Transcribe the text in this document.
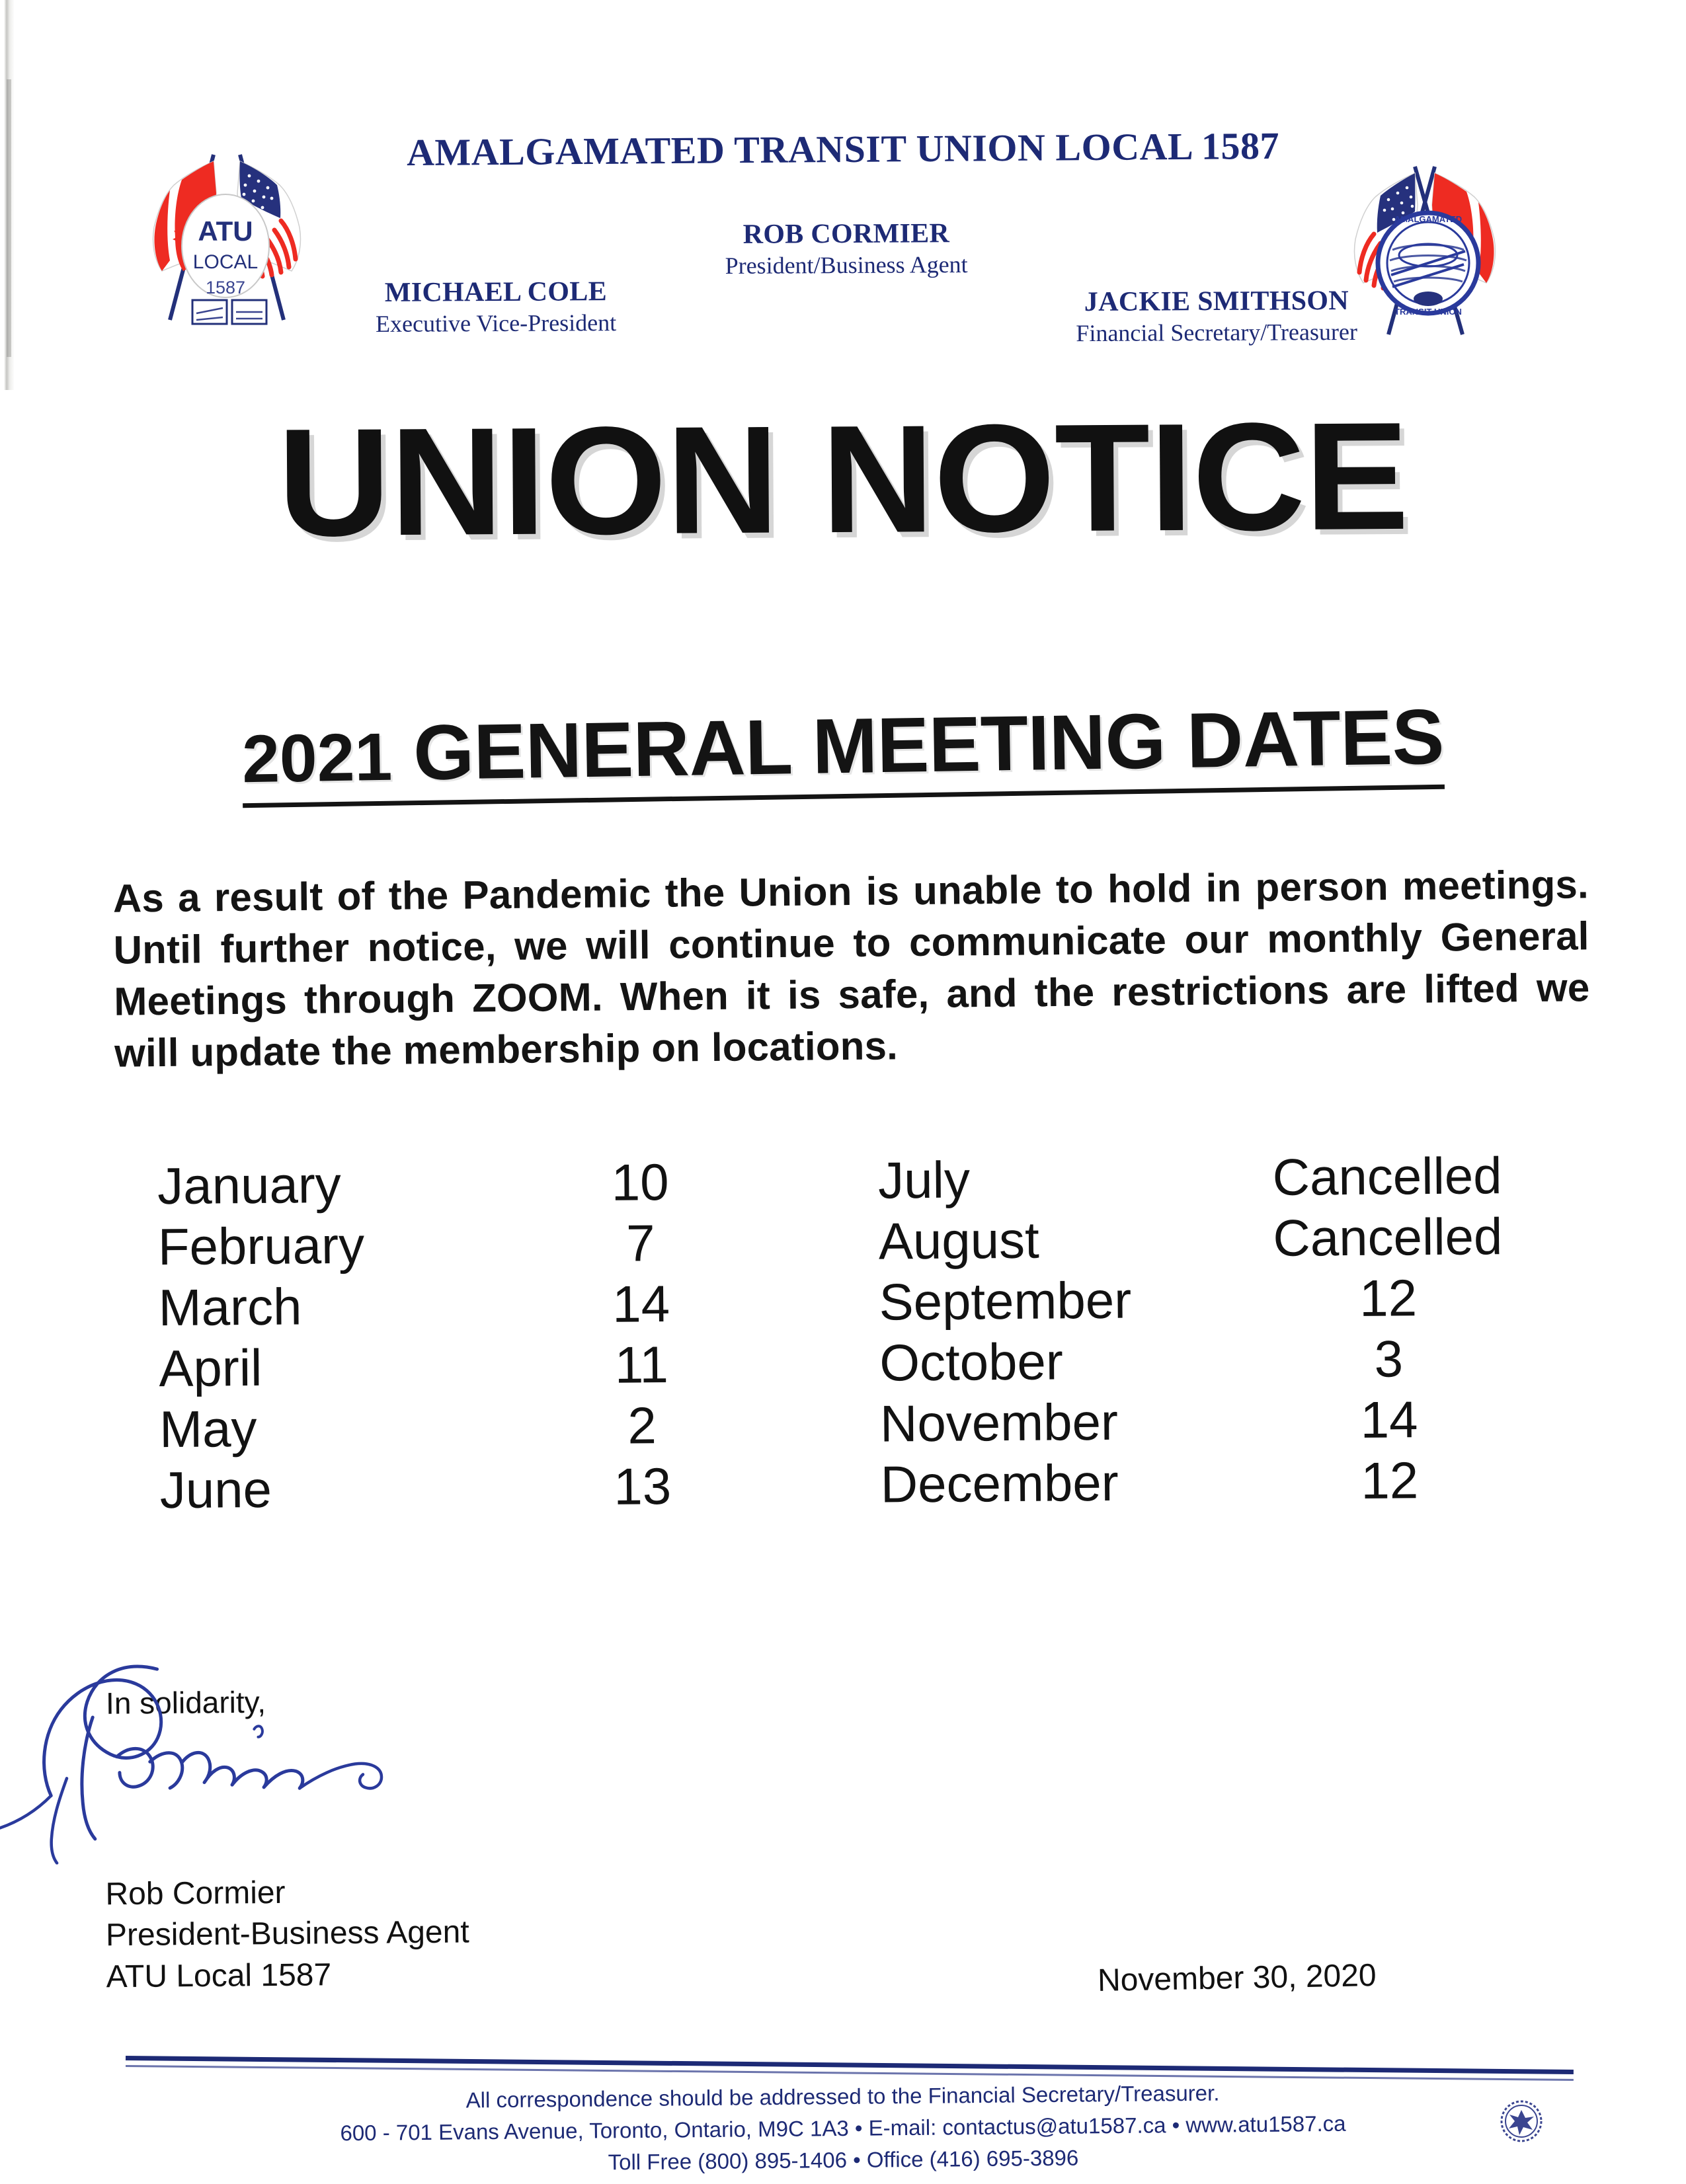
AMALGAMATED TRANSIT UNION LOCAL 1587
ROB CORMIER
President/Business Agent
MICHAEL COLE
Executive Vice-President
JACKIE SMITHSON
Financial Secretary/Treasurer
ATU
LOCAL
1587
AMALGAMATED
TRANSIT UNION
UNION NOTICE
2021 GENERAL MEETING DATES
As a result of the Pandemic the Union is unable to hold in person meetings. Until further notice, we will continue to communicate our monthly General Meetings through ZOOM. When it is safe, and the restrictions are lifted we will update the membership on locations.
January	10
February	7
March	14
April	11
May	2
June	13
July	Cancelled
August	Cancelled
September	12
October	3
November	14
December	12
In solidarity,
Rob Cormier
President-Business Agent
ATU Local 1587	November 30, 2020
All correspondence should be addressed to the Financial Secretary/Treasurer.
600 - 701 Evans Avenue, Toronto, Ontario, M9C 1A3 • E-mail: contactus@atu1587.ca • www.atu1587.ca
Toll Free (800) 895-1406 • Office (416) 695-3896
